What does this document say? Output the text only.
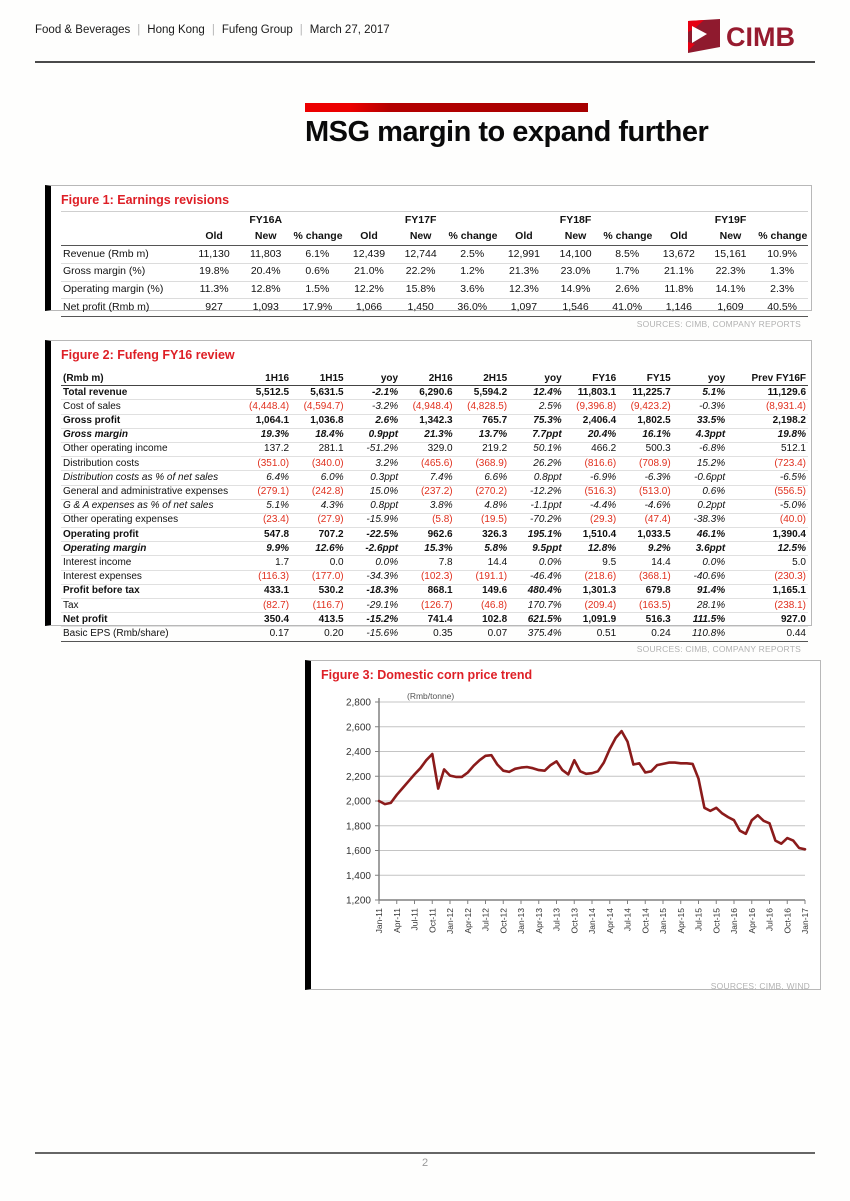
Food & Beverages | Hong Kong | Fufeng Group | March 27, 2017	CIMB
MSG margin to expand further
Figure 1: Earnings revisions
	FY16A			FY17F			FY18F			FY19F		
	Old	New	% change	Old	New	% change	Old	New	% change	Old	New	% change
Revenue (Rmb m)	11,130	11,803	6.1%	12,439	12,744	2.5%	12,991	14,100	8.5%	13,672	15,161	10.9%
Gross margin (%)	19.8%	20.4%	0.6%	21.0%	22.2%	1.2%	21.3%	23.0%	1.7%	21.1%	22.3%	1.3%
Operating margin (%)	11.3%	12.8%	1.5%	12.2%	15.8%	3.6%	12.3%	14.9%	2.6%	11.8%	14.1%	2.3%
Net profit (Rmb m)	927	1,093	17.9%	1,066	1,450	36.0%	1,097	1,546	41.0%	1,146	1,609	40.5%
SOURCES: CIMB, COMPANY REPORTS
Figure 2: Fufeng FY16 review
(Rmb m)	1H16	1H15	yoy	2H16	2H15	yoy	FY16	FY15	yoy	Prev FY16F
Total revenue	5,512.5	5,631.5	-2.1%	6,290.6	5,594.2	12.4%	11,803.1	11,225.7	5.1%	11,129.6
Cost of sales	(4,448.4)	(4,594.7)	-3.2%	(4,948.4)	(4,828.5)	2.5%	(9,396.8)	(9,423.2)	-0.3%	(8,931.4)
Gross profit	1,064.1	1,036.8	2.6%	1,342.3	765.7	75.3%	2,406.4	1,802.5	33.5%	2,198.2
Gross margin	19.3%	18.4%	0.9ppt	21.3%	13.7%	7.7ppt	20.4%	16.1%	4.3ppt	19.8%
Other operating income	137.2	281.1	-51.2%	329.0	219.2	50.1%	466.2	500.3	-6.8%	512.1
Distribution costs	(351.0)	(340.0)	3.2%	(465.6)	(368.9)	26.2%	(816.6)	(708.9)	15.2%	(723.4)
Distribution costs as % of net sales	6.4%	6.0%	0.3ppt	7.4%	6.6%	0.8ppt	-6.9%	-6.3%	-0.6ppt	-6.5%
General and administrative expenses	(279.1)	(242.8)	15.0%	(237.2)	(270.2)	-12.2%	(516.3)	(513.0)	0.6%	(556.5)
G & A expenses as % of net sales	5.1%	4.3%	0.8ppt	3.8%	4.8%	-1.1ppt	-4.4%	-4.6%	0.2ppt	-5.0%
Other operating expenses	(23.4)	(27.9)	-15.9%	(5.8)	(19.5)	-70.2%	(29.3)	(47.4)	-38.3%	(40.0)
Operating profit	547.8	707.2	-22.5%	962.6	326.3	195.1%	1,510.4	1,033.5	46.1%	1,390.4
Operating margin	9.9%	12.6%	-2.6ppt	15.3%	5.8%	9.5ppt	12.8%	9.2%	3.6ppt	12.5%
Interest income	1.7	0.0	0.0%	7.8	14.4	0.0%	9.5	14.4	0.0%	5.0
Interest expenses	(116.3)	(177.0)	-34.3%	(102.3)	(191.1)	-46.4%	(218.6)	(368.1)	-40.6%	(230.3)
Profit before tax	433.1	530.2	-18.3%	868.1	149.6	480.4%	1,301.3	679.8	91.4%	1,165.1
Tax	(82.7)	(116.7)	-29.1%	(126.7)	(46.8)	170.7%	(209.4)	(163.5)	28.1%	(238.1)
Net profit	350.4	413.5	-15.2%	741.4	102.8	621.5%	1,091.9	516.3	111.5%	927.0
Basic EPS (Rmb/share)	0.17	0.20	-15.6%	0.35	0.07	375.4%	0.51	0.24	110.8%	0.44
SOURCES: CIMB, COMPANY REPORTS
Figure 3: Domestic corn price trend
1,200
1,400
1,600
1,800
2,000
2,200
2,400
2,600
2,800
Jan-11 Apr-11 Jul-11 Oct-11 Jan-12 Apr-12 Jul-12 Oct-12 Jan-13 Apr-13 Jul-13 Oct-13 Jan-14 Apr-14 Jul-14 Oct-14 Jan-15 Apr-15 Jul-15 Oct-15 Jan-16 Apr-16 Jul-16 Oct-16 Jan-17
(Rmb/tonne)
SOURCES: CIMB, WIND
2
